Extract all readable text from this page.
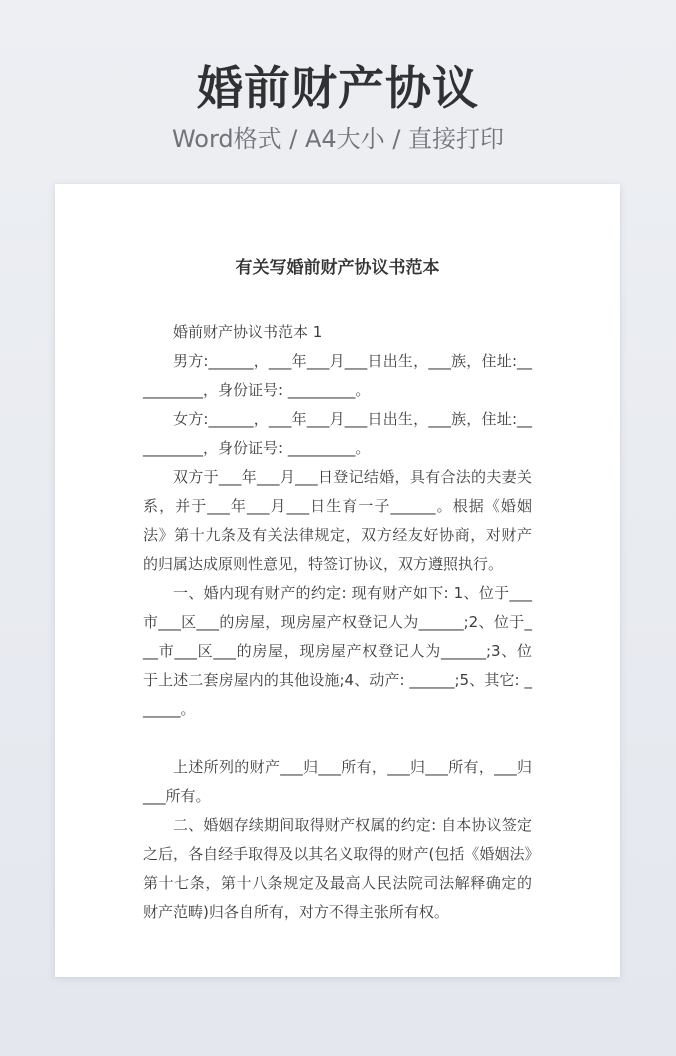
婚前财产协议
Word格式 / A4大小 / 直接打印
有关写婚前财产协议书范本

婚前财产协议书范本 1

男方:______，___年___月___日出生，___族，住址:__________，身份证号: _________。

女方:______，___年___月___日出生，___族，住址:__________，身份证号: _________。

双方于___年___月___日登记结婚，具有合法的夫妻关系，并于___年___月___日生育一子______。根据《婚姻法》第十九条及有关法律规定，双方经友好协商，对财产的归属达成原则性意见，特签订协议，双方遵照执行。

一、婚内现有财产的约定: 现有财产如下: 1、位于___市___区___的房屋，现房屋产权登记人为______;2、位于___市___区___的房屋，现房屋产权登记人为______;3、位于上述二套房屋内的其他设施;4、动产: ______;5、其它: ______。

上述所列的财产___归___所有，___归___所有，___归___所有。

二、婚姻存续期间取得财产权属的约定: 自本协议签定之后，各自经手取得及以其名义取得的财产(包括《婚姻法》第十七条，第十八条规定及最高人民法院司法解释确定的财产范畴)归各自所有，对方不得主张所有权。
